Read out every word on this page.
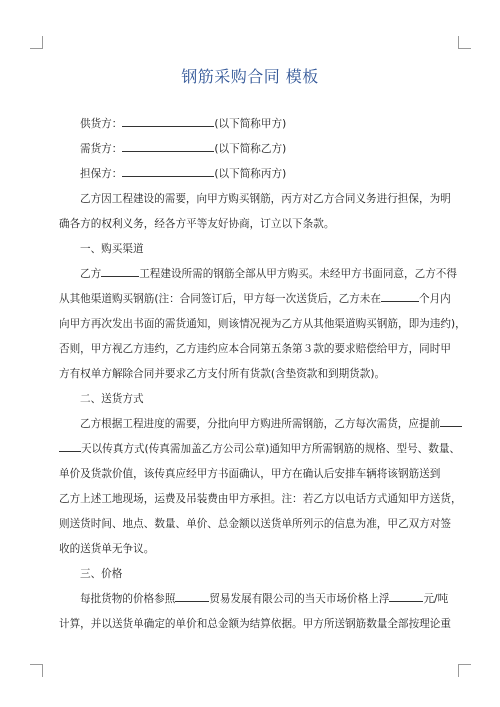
钢筋采购合同 模板
供货方：	(以下简称甲方)
需货方：	(以下简称乙方)
担保方：	(以下简称丙方)
乙方因工程建设的需要，向甲方购买钢筋，丙方对乙方合同义务进行担保，为明
确各方的权利义务，经各方平等友好协商，订立以下条款。
一、购买渠道
乙方	工程建设所需的钢筋全部从甲方购买。未经甲方书面同意，乙方不得
从其他渠道购买钢筋(注：合同签订后，甲方每一次送货后，乙方未在	个月内
向甲方再次发出书面的需货通知，则该情况视为乙方从其他渠道购买钢筋，即为违约)，
否则，甲方视乙方违约，乙方违约应本合同第五条第３款的要求赔偿给甲方，同时甲
方有权单方解除合同并要求乙方支付所有货款(含垫资款和到期货款)。
二、送货方式
乙方根据工程进度的需要，分批向甲方购进所需钢筋，乙方每次需货，应提前
天以传真方式(传真需加盖乙方公司公章)通知甲方所需钢筋的规格、型号、数量、
单价及货款价值，该传真应经甲方书面确认，甲方在确认后安排车辆将该钢筋送到
乙方上述工地现场，运费及吊装费由甲方承担。注：若乙方以电话方式通知甲方送货，
则送货时间、地点、数量、单价、总金额以送货单所列示的信息为准，甲乙双方对签
收的送货单无争议。
三、价格
每批货物的价格参照	贸易发展有限公司的当天市场价格上浮	元/吨
计算，并以送货单确定的单价和总金额为结算依据。甲方所送钢筋数量全部按理论重
